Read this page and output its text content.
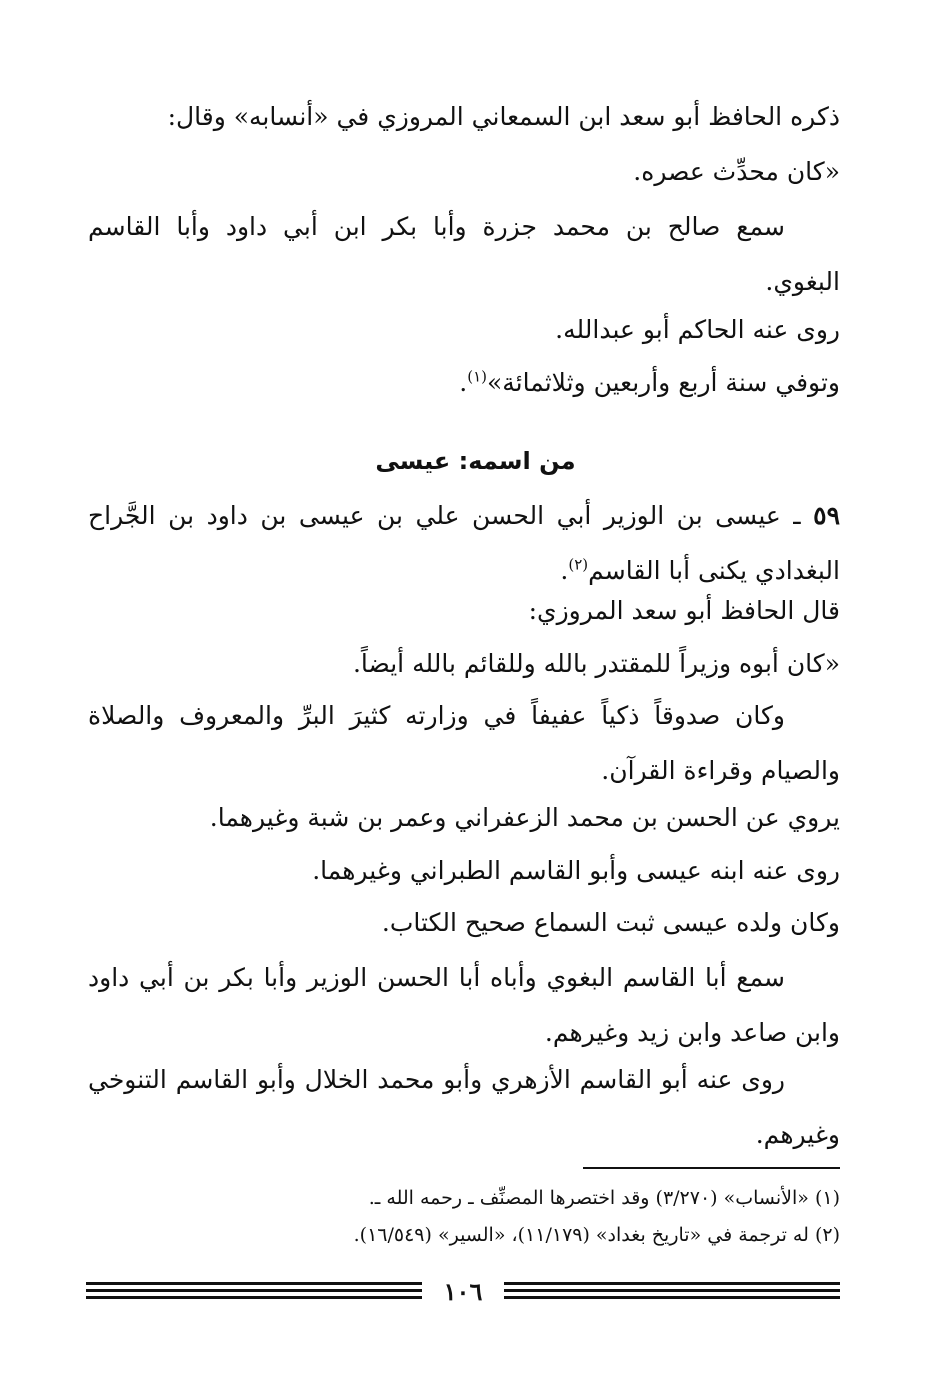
ذكره الحافظ أبو سعد ابن السمعاني المروزي في «أنسابه» وقال:
«كان محدِّث عصره.
سمع صالح بن محمد جزرة وأبا بكر ابن أبي داود وأبا القاسم
البغوي.
روى عنه الحاكم أبو عبدالله.
وتوفي سنة أربع وأربعين وثلاثمائة»$^{(١)}$.
من اسمه: عيسى
٥٩ ـ عيسى بن الوزير أبي الحسن علي بن عيسى بن داود بن الجَّراح
البغدادي يكنى أبا القاسم$^{(٢)}$.
قال الحافظ أبو سعد المروزي:
«كان أبوه وزيراً للمقتدر بالله وللقائم بالله أيضاً.
وكان صدوقاً ذكياً عفيفاً في وزارته كثيرَ البرِّ والمعروف والصلاة
والصيام وقراءة القرآن.
يروي عن الحسن بن محمد الزعفراني وعمر بن شبة وغيرهما.
روى عنه ابنه عيسى وأبو القاسم الطبراني وغيرهما.
وكان ولده عيسى ثبت السماع صحيح الكتاب.
سمع أبا القاسم البغوي وأباه أبا الحسن الوزير وأبا بكر بن أبي داود
وابن صاعد وابن زيد وغيرهم.
روى عنه أبو القاسم الأزهري وأبو محمد الخلال وأبو القاسم التنوخي
وغيرهم.
(١) «الأنساب» (٣/٢٧٠) وقد اختصرها المصنِّف ـ رحمه الله ـ.
(٢) له ترجمة في «تاريخ بغداد» (١١/١٧٩)، «السير» (١٦/٥٤٩).
١٠٦
